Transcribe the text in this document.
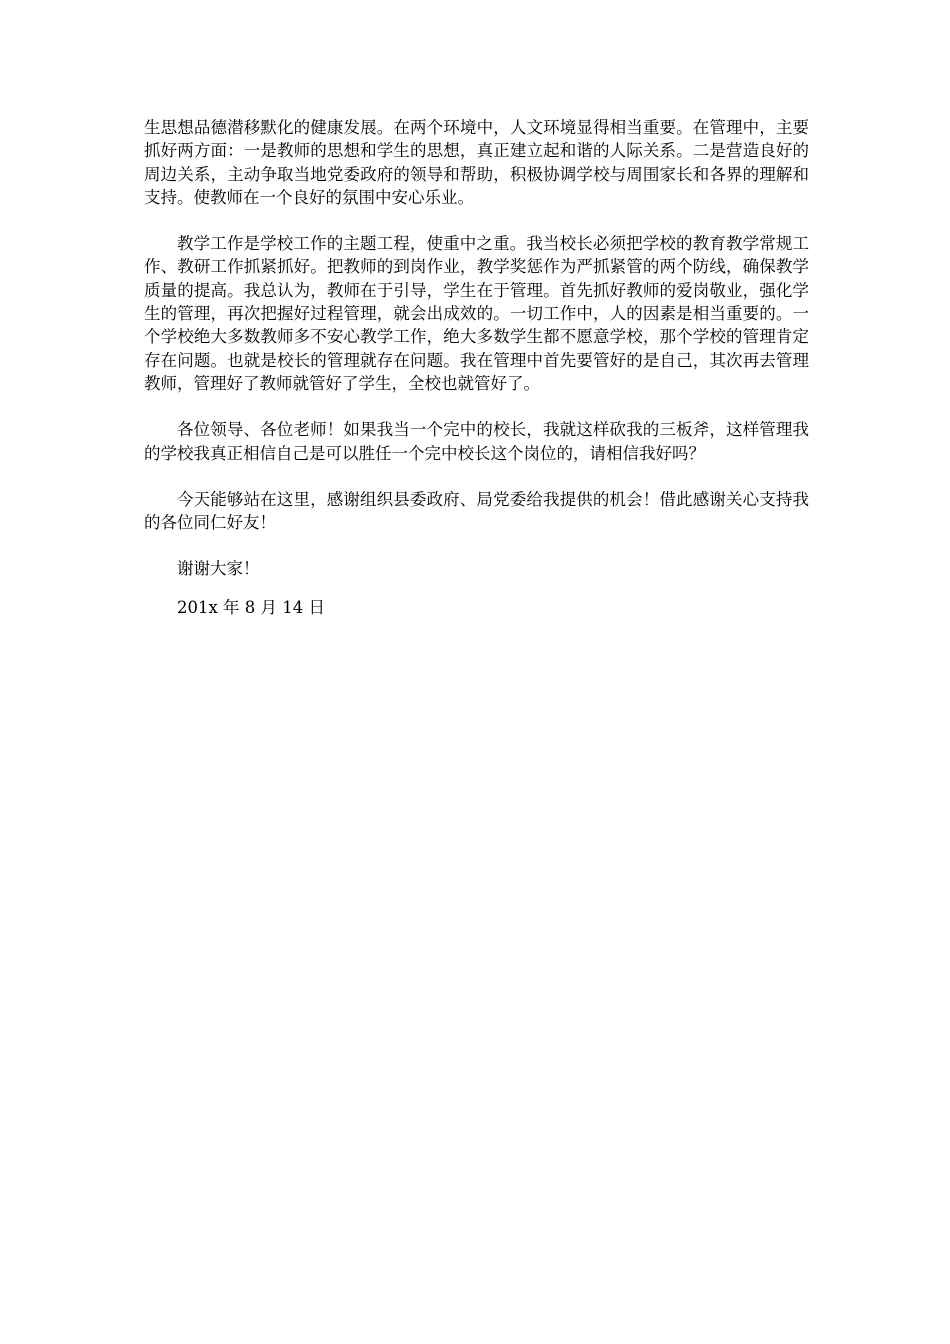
生思想品德潜移默化的健康发展。在两个环境中，人文环境显得相当重要。在管理中，主要抓好两方面：一是教师的思想和学生的思想，真正建立起和谐的人际关系。二是营造良好的周边关系，主动争取当地党委政府的领导和帮助，积极协调学校与周围家长和各界的理解和支持。使教师在一个良好的氛围中安心乐业。

教学工作是学校工作的主题工程，使重中之重。我当校长必须把学校的教育教学常规工作、教研工作抓紧抓好。把教师的到岗作业，教学奖惩作为严抓紧管的两个防线，确保教学质量的提高。我总认为，教师在于引导，学生在于管理。首先抓好教师的爱岗敬业，强化学生的管理，再次把握好过程管理，就会出成效的。一切工作中，人的因素是相当重要的。一个学校绝大多数教师多不安心教学工作，绝大多数学生都不愿意学校，那个学校的管理肯定存在问题。也就是校长的管理就存在问题。我在管理中首先要管好的是自己，其次再去管理教师，管理好了教师就管好了学生，全校也就管好了。

各位领导、各位老师！如果我当一个完中的校长，我就这样砍我的三板斧，这样管理我的学校我真正相信自己是可以胜任一个完中校长这个岗位的，请相信我好吗？

今天能够站在这里，感谢组织县委政府、局党委给我提供的机会！借此感谢关心支持我的各位同仁好友！

谢谢大家！

201x 年 8 月 14 日
